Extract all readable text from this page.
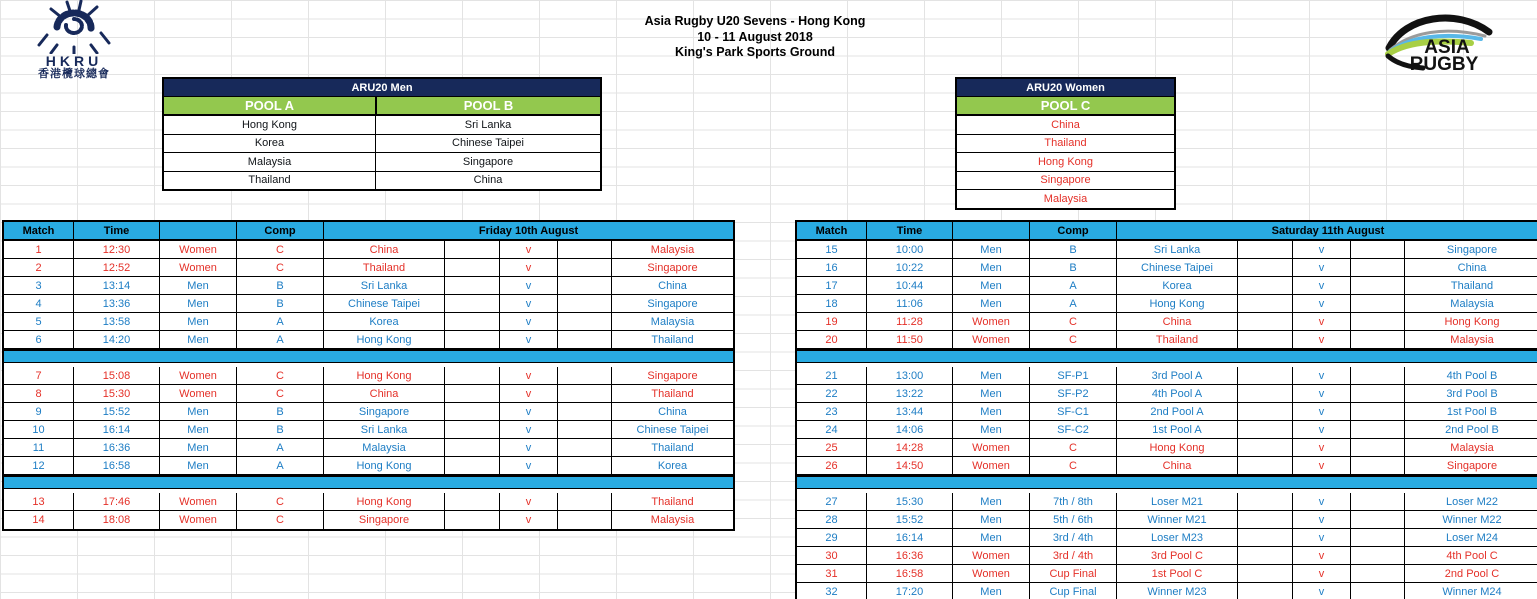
HKRU
香港欖球總會
Asia Rugby U20 Sevens - Hong Kong
10 - 11 August 2018
King's Park Sports Ground	ASIA
RUGBY
ARU20 Men
POOL A	POOL B
Hong Kong	Sri Lanka
Korea	Chinese Taipei
Malaysia	Singapore
Thailand	China
ARU20 Women
POOL C
China
Thailand
Hong Kong
Singapore
Malaysia
Match	Time	Comp	Friday 10th August
1	12:30	Women	C	China	v	Malaysia
2	12:52	Women	C	Thailand	v	Singapore
3	13:14	Men	B	Sri Lanka	v	China
4	13:36	Men	B	Chinese Taipei	v	Singapore
5	13:58	Men	A	Korea	v	Malaysia
6	14:20	Men	A	Hong Kong	v	Thailand
7	15:08	Women	C	Hong Kong	v	Singapore
8	15:30	Women	C	China	v	Thailand
9	15:52	Men	B	Singapore	v	China
10	16:14	Men	B	Sri Lanka	v	Chinese Taipei
11	16:36	Men	A	Malaysia	v	Thailand
12	16:58	Men	A	Hong Kong	v	Korea
13	17:46	Women	C	Hong Kong	v	Thailand
14	18:08	Women	C	Singapore	v	Malaysia
Match	Time	Comp	Saturday 11th August
15	10:00	Men	B	Sri Lanka	v	Singapore
16	10:22	Men	B	Chinese Taipei	v	China
17	10:44	Men	A	Korea	v	Thailand
18	11:06	Men	A	Hong Kong	v	Malaysia
19	11:28	Women	C	China	v	Hong Kong
20	11:50	Women	C	Thailand	v	Malaysia
21	13:00	Men	SF-P1	3rd Pool A	v	4th Pool B
22	13:22	Men	SF-P2	4th Pool A	v	3rd Pool B
23	13:44	Men	SF-C1	2nd Pool A	v	1st Pool B
24	14:06	Men	SF-C2	1st Pool A	v	2nd Pool B
25	14:28	Women	C	Hong Kong	v	Malaysia
26	14:50	Women	C	China	v	Singapore
27	15:30	Men	7th / 8th	Loser M21	v	Loser M22
28	15:52	Men	5th / 6th	Winner M21	v	Winner M22
29	16:14	Men	3rd / 4th	Loser M23	v	Loser M24
30	16:36	Women	3rd / 4th	3rd Pool C	v	4th Pool C
31	16:58	Women	Cup Final	1st Pool C	v	2nd Pool C
32	17:20	Men	Cup Final	Winner M23	v	Winner M24
